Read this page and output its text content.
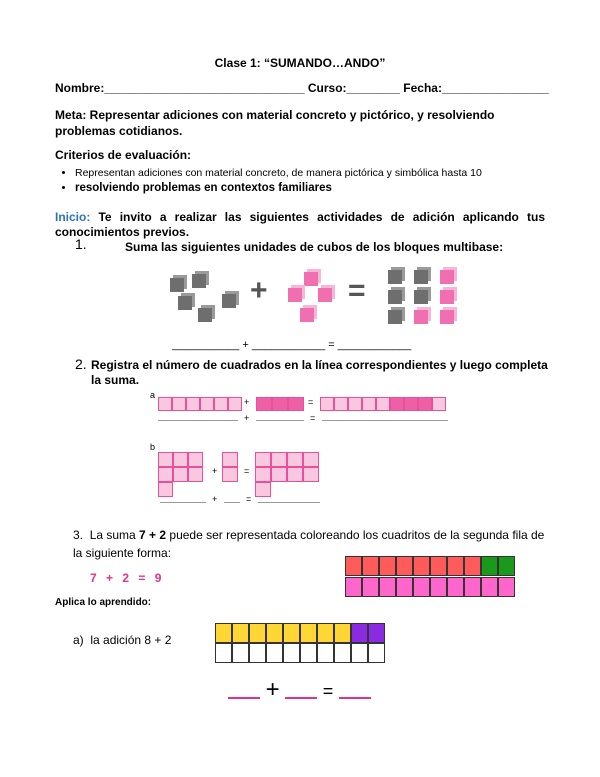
Clase 1: “SUMANDO…ANDO”
Nombre:______________________________ Curso:________ Fecha:________________
Meta: Representar adiciones con material concreto y pictórico, y resolviendo problemas cotidianos.
Criterios de evaluación:
• Representan adiciones con material concreto, de manera pictórica y simbólica hasta 10
• resolviendo problemas en contextos familiares
Inicio: Te invito a realizar las siguientes actividades de adición aplicando tus conocimientos previos.
1.	Suma las siguientes unidades de cubos de los bloques multibase:
+	=
___________ + ____________ = ____________
2. Registra el número de cuadrados en la línea correspondientes y luego completa la suma.
a
+	=
+	=
b
+	=
+	=
3. La suma 7 + 2 puede ser representada coloreando los cuadritos de la segunda fila de la siguiente forma:
7 + 2 = 9
Aplica lo aprendido:
a) la adición 8 + 2
+ =
